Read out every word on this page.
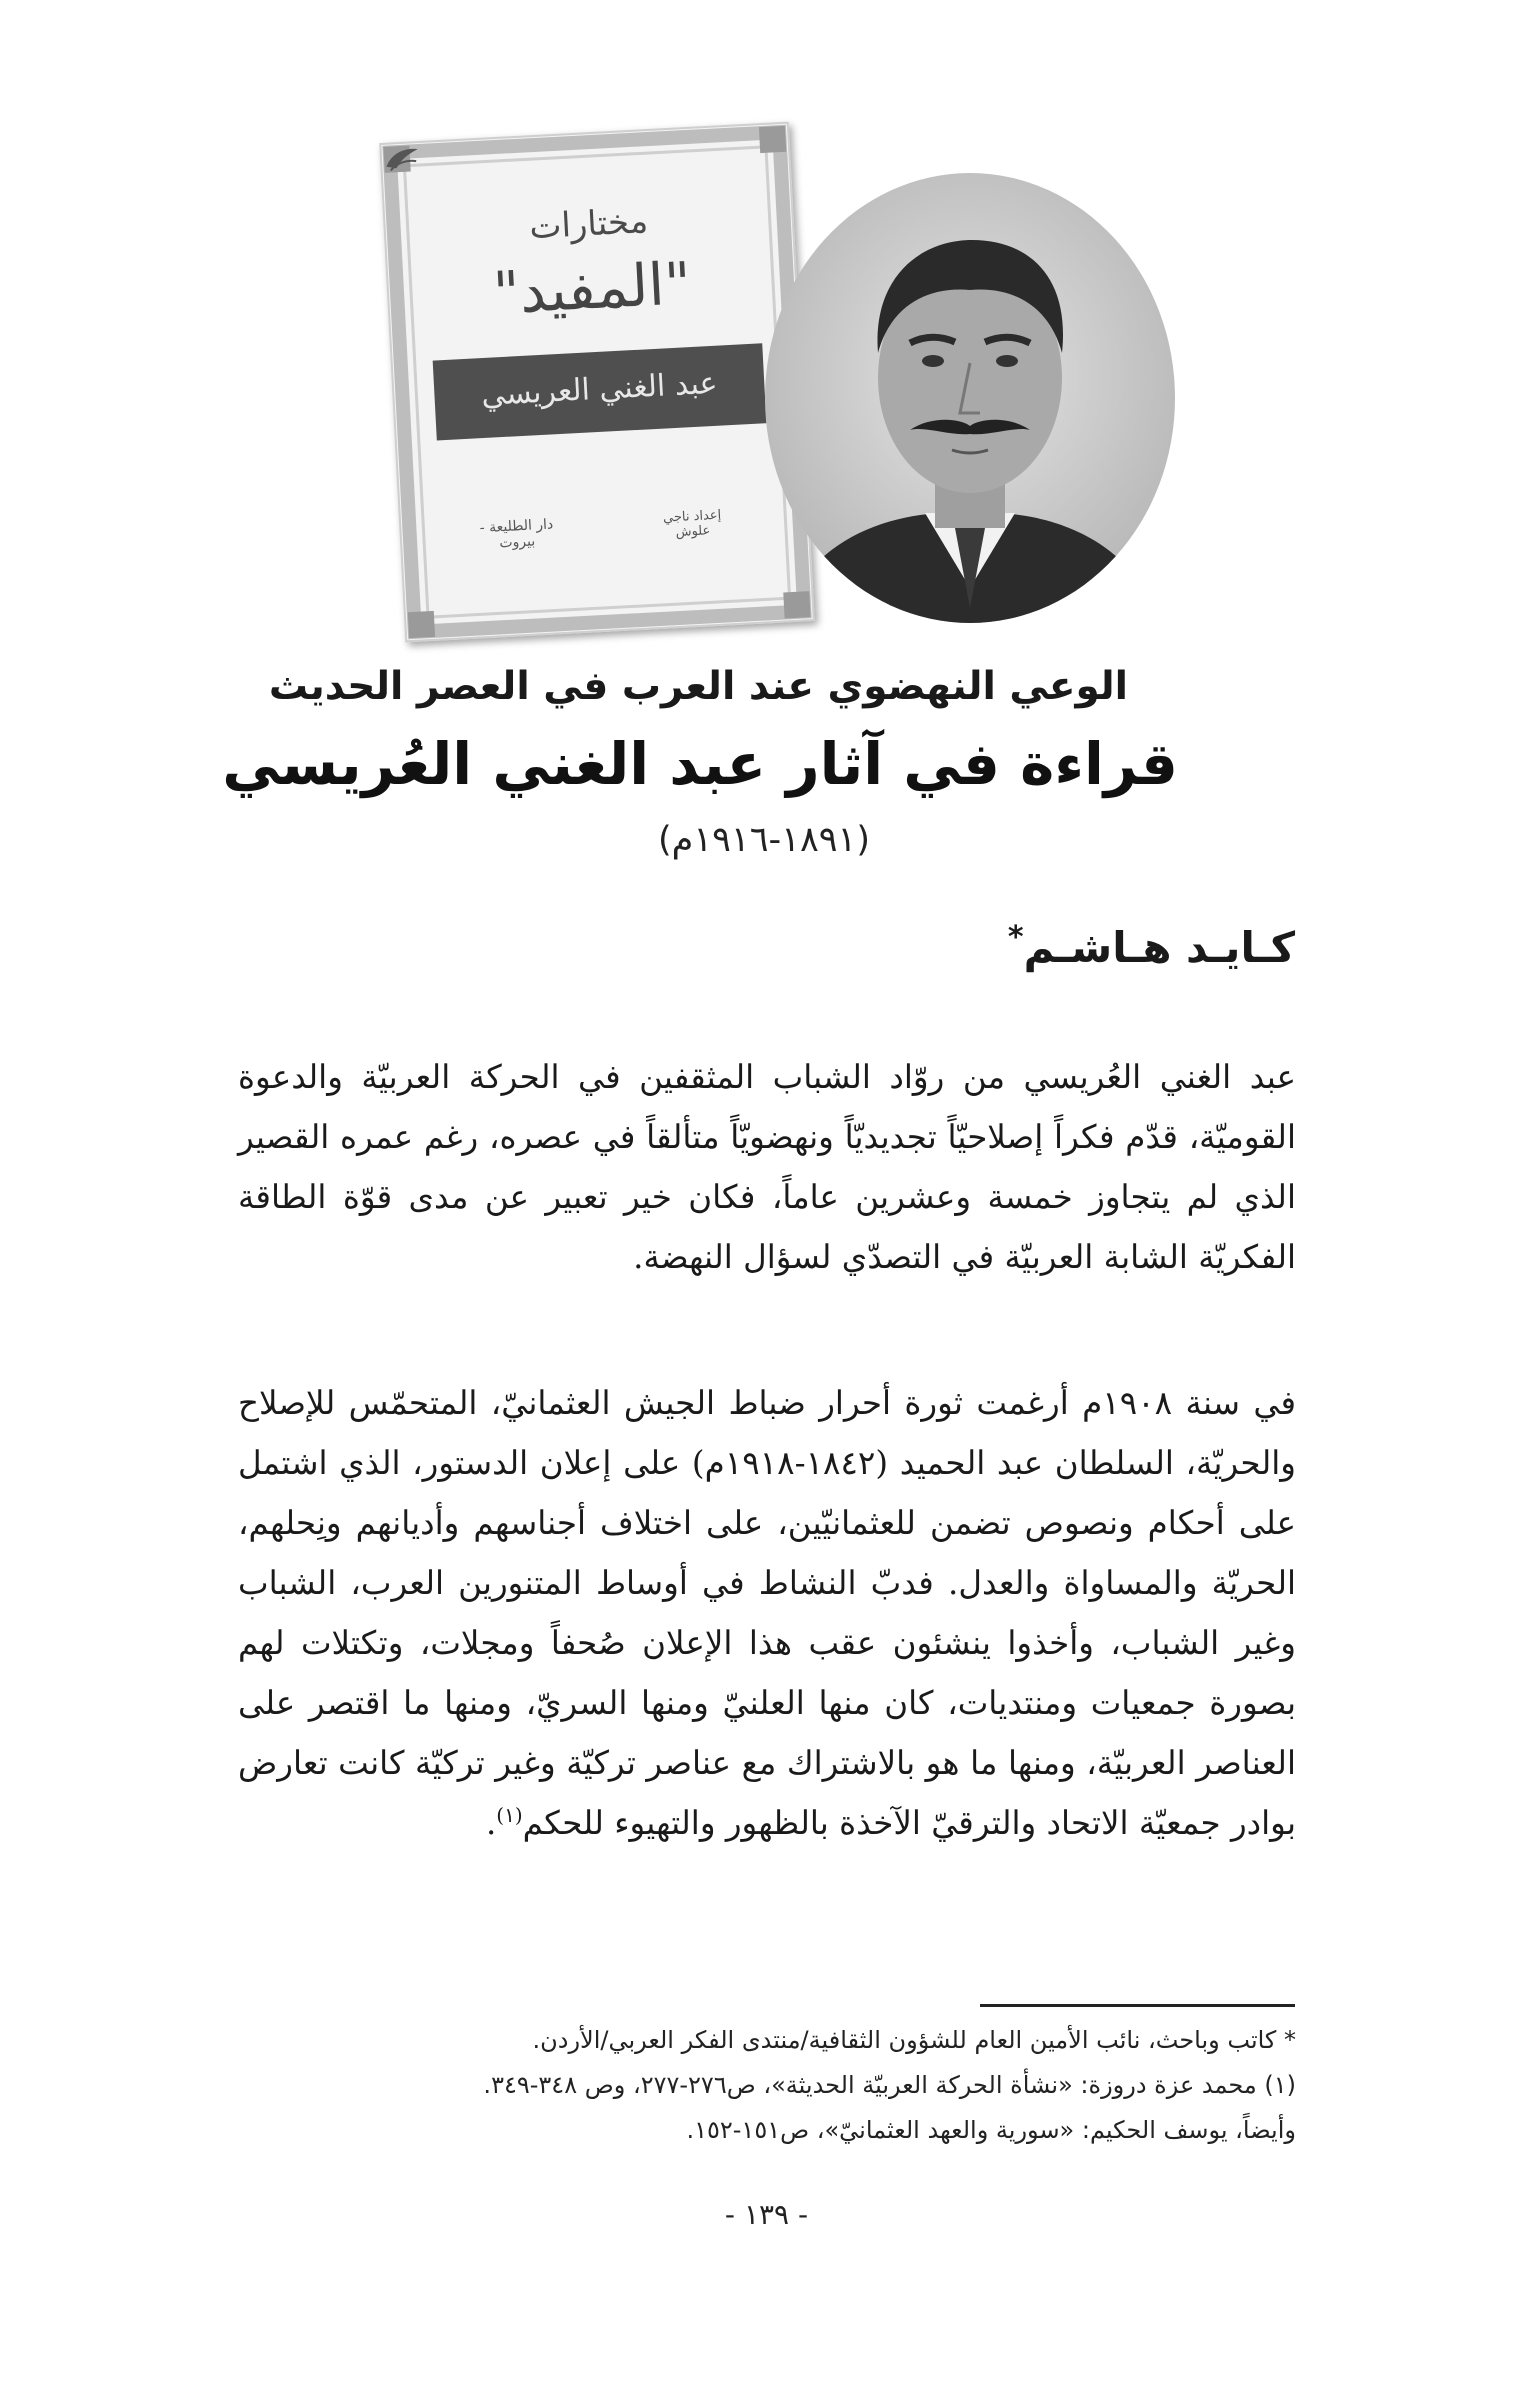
مختارات
"المفيد"
عبد الغني العريسي
دار الطليعة - بيروت
إعداد ناجي علوش
الوعي النهضوي عند العرب في العصر الحديث
قراءة في آثار عبد الغني العُريسي
(١٨٩١-١٩١٦م)
كـايـد هـاشـم*

عبد الغني العُريسي من روّاد الشباب المثقفين في الحركة العربيّة والدعوة القوميّة، قدّم فكراً إصلاحيّاً تجديديّاً ونهضويّاً متألقاً في عصره، رغم عمره القصير الذي لم يتجاوز خمسة وعشرين عاماً، فكان خير تعبير عن مدى قوّة الطاقة الفكريّة الشابة العربيّة في التصدّي لسؤال النهضة.

في سنة ١٩٠٨م أرغمت ثورة أحرار ضباط الجيش العثمانيّ، المتحمّس للإصلاح والحريّة، السلطان عبد الحميد (١٨٤٢-١٩١٨م) على إعلان الدستور، الذي اشتمل على أحكام ونصوص تضمن للعثمانيّين، على اختلاف أجناسهم وأديانهم ونِحلهم، الحريّة والمساواة والعدل. فدبّ النشاط في أوساط المتنورين العرب، الشباب وغير الشباب، وأخذوا ينشئون عقب هذا الإعلان صُحفاً ومجلات، وتكتلات لهم بصورة جمعيات ومنتديات، كان منها العلنيّ ومنها السريّ، ومنها ما اقتصر على العناصر العربيّة، ومنها ما هو بالاشتراك مع عناصر تركيّة وغير تركيّة كانت تعارض بوادر جمعيّة الاتحاد والترقيّ الآخذة بالظهور والتهيوء للحكم$^{(١)}$.

* كاتب وباحث، نائب الأمين العام للشؤون الثقافية/منتدى الفكر العربي/الأردن.
(١) محمد عزة دروزة: «نشأة الحركة العربيّة الحديثة»، ص٢٧٦-٢٧٧، وص ٣٤٨-٣٤٩.
وأيضاً، يوسف الحكيم: «سورية والعهد العثمانيّ»، ص١٥١-١٥٢.
- ١٣٩ -
